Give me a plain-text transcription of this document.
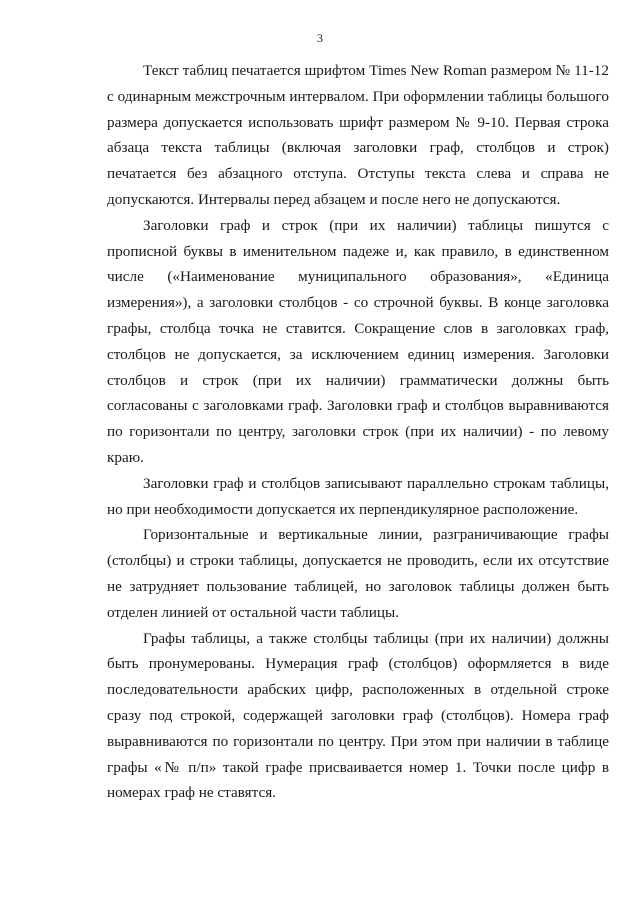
3

Текст таблиц печатается шрифтом Times New Roman размером № 11-12 с одинарным межстрочным интервалом. При оформлении таблицы большого размера допускается использовать шрифт размером № 9-10. Первая строка абзаца текста таблицы (включая заголовки граф, столбцов и строк) печатается без абзацного отступа. Отступы текста слева и справа не допускаются. Интервалы перед абзацем и после него не допускаются.

Заголовки граф и строк (при их наличии) таблицы пишутся с прописной буквы в именительном падеже и, как правило, в единственном числе («Наименование муниципального образования», «Единица измерения»), а заголовки столбцов - со строчной буквы. В конце заголовка графы, столбца точка не ставится. Сокращение слов в заголовках граф, столбцов не допускается, за исключением единиц измерения. Заголовки столбцов и строк (при их наличии) грамматически должны быть согласованы с заголовками граф. Заголовки граф и столбцов выравниваются по горизонтали по центру, заголовки строк (при их наличии) - по левому краю.

Заголовки граф и столбцов записывают параллельно строкам таблицы, но при необходимости допускается их перпендикулярное расположение.

Горизонтальные и вертикальные линии, разграничивающие графы (столбцы) и строки таблицы, допускается не проводить, если их отсутствие не затрудняет пользование таблицей, но заголовок таблицы должен быть отделен линией от остальной части таблицы.

Графы таблицы, а также столбцы таблицы (при их наличии) должны быть пронумерованы. Нумерация граф (столбцов) оформляется в виде последовательности арабских цифр, расположенных в отдельной строке сразу под строкой, содержащей заголовки граф (столбцов). Номера граф выравниваются по горизонтали по центру. При этом при наличии в таблице графы «№ п/п» такой графе присваивается номер 1. Точки после цифр в номерах граф не ставятся.
